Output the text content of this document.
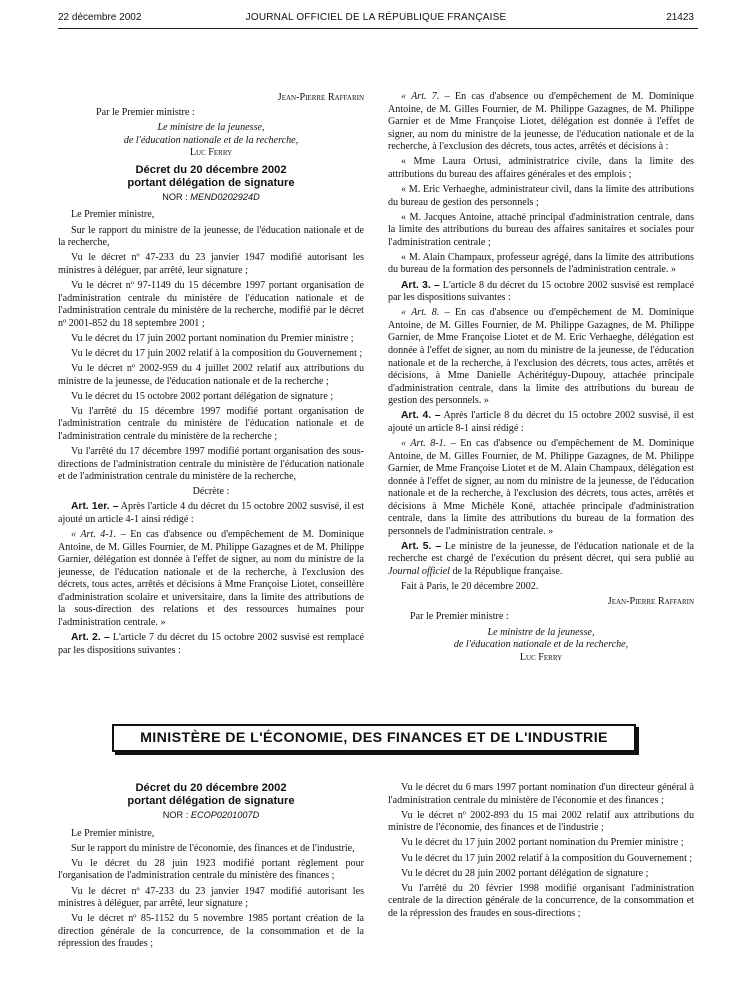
22 décembre 2002	JOURNAL OFFICIEL DE LA RÉPUBLIQUE FRANÇAISE	21423

Jean-Pierre Raffarin

Par le Premier ministre :

Le ministre de la jeunesse,

de l'éducation nationale et de la recherche,

Luc Ferry

Décret du 20 décembre 2002
portant délégation de signature
NOR : MEND0202924D

Le Premier ministre,

Sur le rapport du ministre de la jeunesse, de l'éducation nationale et de la recherche,

Vu le décret nº 47-233 du 23 janvier 1947 modifié autorisant les ministres à déléguer, par arrêté, leur signature ;

Vu le décret nº 97-1149 du 15 décembre 1997 portant organisation de l'administration centrale du ministère de l'éducation nationale et de l'administration centrale du ministère de la recherche, modifié par le décret nº 2001-852 du 18 septembre 2001 ;

Vu le décret du 17 juin 2002 portant nomination du Premier ministre ;

Vu le décret du 17 juin 2002 relatif à la composition du Gouvernement ;

Vu le décret nº 2002-959 du 4 juillet 2002 relatif aux attributions du ministre de la jeunesse, de l'éducation nationale et de la recherche ;

Vu le décret du 15 octobre 2002 portant délégation de signature ;

Vu l'arrêté du 15 décembre 1997 modifié portant organisation de l'administration centrale du ministère de l'éducation nationale et de l'administration centrale du ministère de la recherche ;

Vu l'arrêté du 17 décembre 1997 modifié portant organisation des sous-directions de l'administration centrale du ministère de l'éducation nationale et de l'administration centrale du ministère de la recherche,

Décrète :

Art. 1er. – Après l'article 4 du décret du 15 octobre 2002 susvisé, il est ajouté un article 4-1 ainsi rédigé :

« Art. 4-1. – En cas d'absence ou d'empêchement de M. Dominique Antoine, de M. Gilles Fournier, de M. Philippe Gazagnes et de M. Philippe Garnier, délégation est donnée à l'effet de signer, au nom du ministre de la jeunesse, de l'éducation nationale et de la recherche, à l'exclusion des décrets, tous actes, arrêtés et décisions à Mme Françoise Liotet, conseillère d'administration scolaire et universitaire, dans la limite des attributions de la sous-direction des relations et des ressources humaines pour l'administration centrale. »

Art. 2. – L'article 7 du décret du 15 octobre 2002 susvisé est remplacé par les dispositions suivantes :

« Art. 7. – En cas d'absence ou d'empêchement de M. Dominique Antoine, de M. Gilles Fournier, de M. Philippe Gazagnes, de M. Philippe Garnier et de Mme Françoise Liotet, délégation est donnée à l'effet de signer, au nom du ministre de la jeunesse, de l'éducation nationale et de la recherche, à l'exclusion des décrets, tous actes, arrêtés et décisions à :

« Mme Laura Ortusi, administratrice civile, dans la limite des attributions du bureau des affaires générales et des emplois ;

« M. Eric Verhaeghe, administrateur civil, dans la limite des attributions du bureau de gestion des personnels ;

« M. Jacques Antoine, attaché principal d'administration centrale, dans la limite des attributions du bureau des affaires sanitaires et sociales pour l'administration centrale ;

« M. Alain Champaux, professeur agrégé, dans la limite des attributions du bureau de la formation des personnels de l'administration centrale. »

Art. 3. – L'article 8 du décret du 15 octobre 2002 susvisé est remplacé par les dispositions suivantes :

« Art. 8. – En cas d'absence ou d'empêchement de M. Dominique Antoine, de M. Gilles Fournier, de M. Philippe Gazagnes, de M. Philippe Garnier, de Mme Françoise Liotet et de M. Eric Verhaeghe, délégation est donnée à l'effet de signer, au nom du ministre de la jeunesse, de l'éducation nationale et de la recherche, à l'exclusion des décrets, tous actes, arrêtés et décisions, à Mme Danielle Achéritéguy-Dupouy, attachée principale d'administration centrale, dans la limite des attributions du bureau de gestion des personnels. »

Art. 4. – Après l'article 8 du décret du 15 octobre 2002 susvisé, il est ajouté un article 8-1 ainsi rédigé :

« Art. 8-1. – En cas d'absence ou d'empêchement de M. Dominique Antoine, de M. Gilles Fournier, de M. Philippe Gazagnes, de M. Philippe Garnier, de Mme Françoise Liotet et de M. Alain Champaux, délégation est donnée à l'effet de signer, au nom du ministre de la jeunesse, de l'éducation nationale et de la recherche, à l'exclusion des décrets, tous actes, arrêtés et décisions à Mme Michèle Koné, attachée principale d'administration centrale, dans la limite des attributions du bureau de la formation des personnels de l'administration centrale. »

Art. 5. – Le ministre de la jeunesse, de l'éducation nationale et de la recherche est chargé de l'exécution du présent décret, qui sera publié au Journal officiel de la République française.

Fait à Paris, le 20 décembre 2002.

Jean-Pierre Raffarin

Par le Premier ministre :

Le ministre de la jeunesse,

de l'éducation nationale et de la recherche,

Luc Ferry

MINISTÈRE DE L'ÉCONOMIE, DES FINANCES ET DE L'INDUSTRIE
Décret du 20 décembre 2002
portant délégation de signature
NOR : ECOP0201007D

Le Premier ministre,

Sur le rapport du ministre de l'économie, des finances et de l'industrie,

Vu le décret du 28 juin 1923 modifié portant règlement pour l'organisation de l'administration centrale du ministère des finances ;

Vu le décret nº 47-233 du 23 janvier 1947 modifié autorisant les ministres à déléguer, par arrêté, leur signature ;

Vu le décret nº 85-1152 du 5 novembre 1985 portant création de la direction générale de la concurrence, de la consommation et de la répression des fraudes ;

Vu le décret du 6 mars 1997 portant nomination d'un directeur général à l'administration centrale du ministère de l'économie et des finances ;

Vu le décret nº 2002-893 du 15 mai 2002 relatif aux attributions du ministre de l'économie, des finances et de l'industrie ;

Vu le décret du 17 juin 2002 portant nomination du Premier ministre ;

Vu le décret du 17 juin 2002 relatif à la composition du Gouvernement ;

Vu le décret du 28 juin 2002 portant délégation de signature ;

Vu l'arrêté du 20 février 1998 modifié organisant l'administration centrale de la direction générale de la concurrence, de la consommation et de la répression des fraudes en sous-directions ;
